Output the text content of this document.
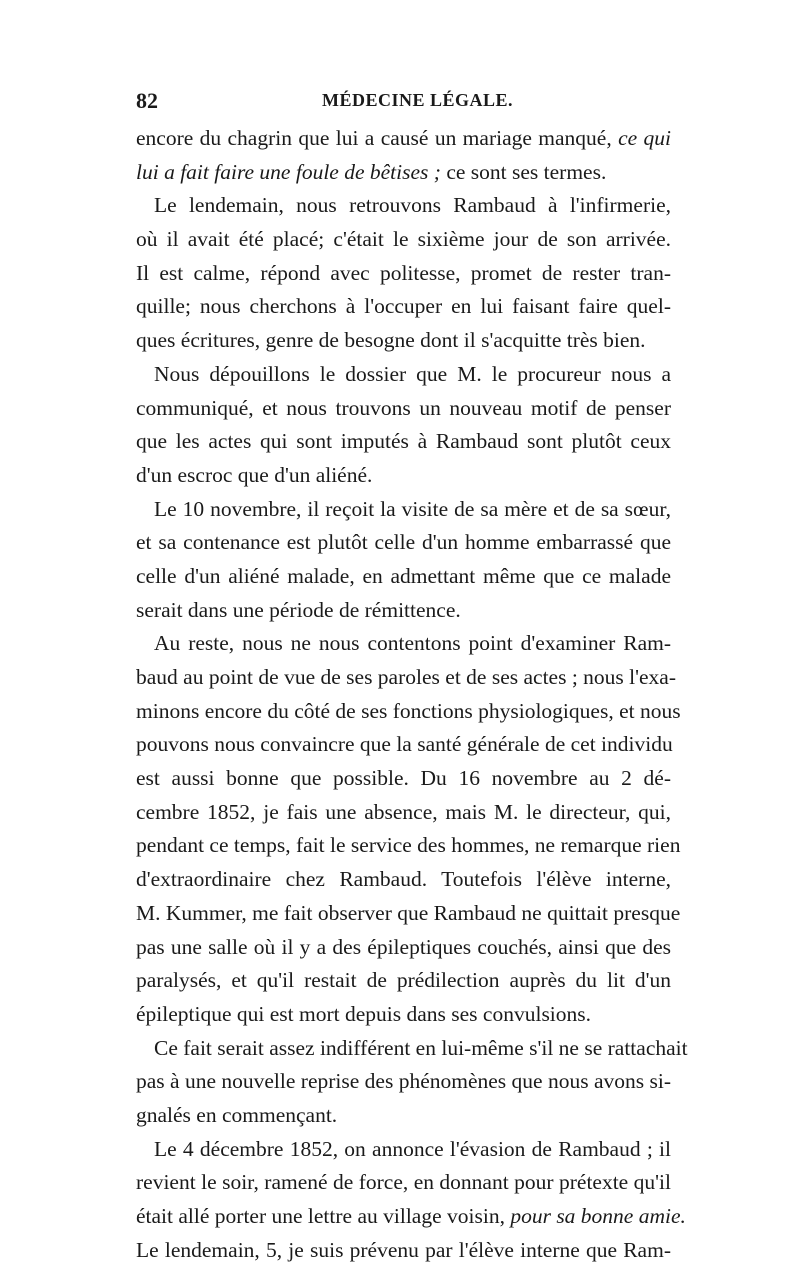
82	MÉDECINE LÉGALE.
encore du chagrin que lui a causé un mariage manqué, ce qui
lui a fait faire une foule de bêtises ; ce sont ses termes.
Le lendemain, nous retrouvons Rambaud à l'infirmerie,
où il avait été placé; c'était le sixième jour de son arrivée.
Il est calme, répond avec politesse, promet de rester tran-
quille; nous cherchons à l'occuper en lui faisant faire quel-
ques écritures, genre de besogne dont il s'acquitte très bien.
Nous dépouillons le dossier que M. le procureur nous a
communiqué, et nous trouvons un nouveau motif de penser
que les actes qui sont imputés à Rambaud sont plutôt ceux
d'un escroc que d'un aliéné.
Le 10 novembre, il reçoit la visite de sa mère et de sa sœur,
et sa contenance est plutôt celle d'un homme embarrassé que
celle d'un aliéné malade, en admettant même que ce malade
serait dans une période de rémittence.
Au reste, nous ne nous contentons point d'examiner Ram-
baud au point de vue de ses paroles et de ses actes ; nous l'exa-
minons encore du côté de ses fonctions physiologiques, et nous
pouvons nous convaincre que la santé générale de cet individu
est aussi bonne que possible. Du 16 novembre au 2 dé-
cembre 1852, je fais une absence, mais M. le directeur, qui,
pendant ce temps, fait le service des hommes, ne remarque rien
d'extraordinaire chez Rambaud. Toutefois l'élève interne,
M. Kummer, me fait observer que Rambaud ne quittait presque
pas une salle où il y a des épileptiques couchés, ainsi que des
paralysés, et qu'il restait de prédilection auprès du lit d'un
épileptique qui est mort depuis dans ses convulsions.
Ce fait serait assez indifférent en lui-même s'il ne se rattachait
pas à une nouvelle reprise des phénomènes que nous avons si-
gnalés en commençant.
Le 4 décembre 1852, on annonce l'évasion de Rambaud ; il
revient le soir, ramené de force, en donnant pour prétexte qu'il
était allé porter une lettre au village voisin, pour sa bonne amie.
Le lendemain, 5, je suis prévenu par l'élève interne que Ram-
